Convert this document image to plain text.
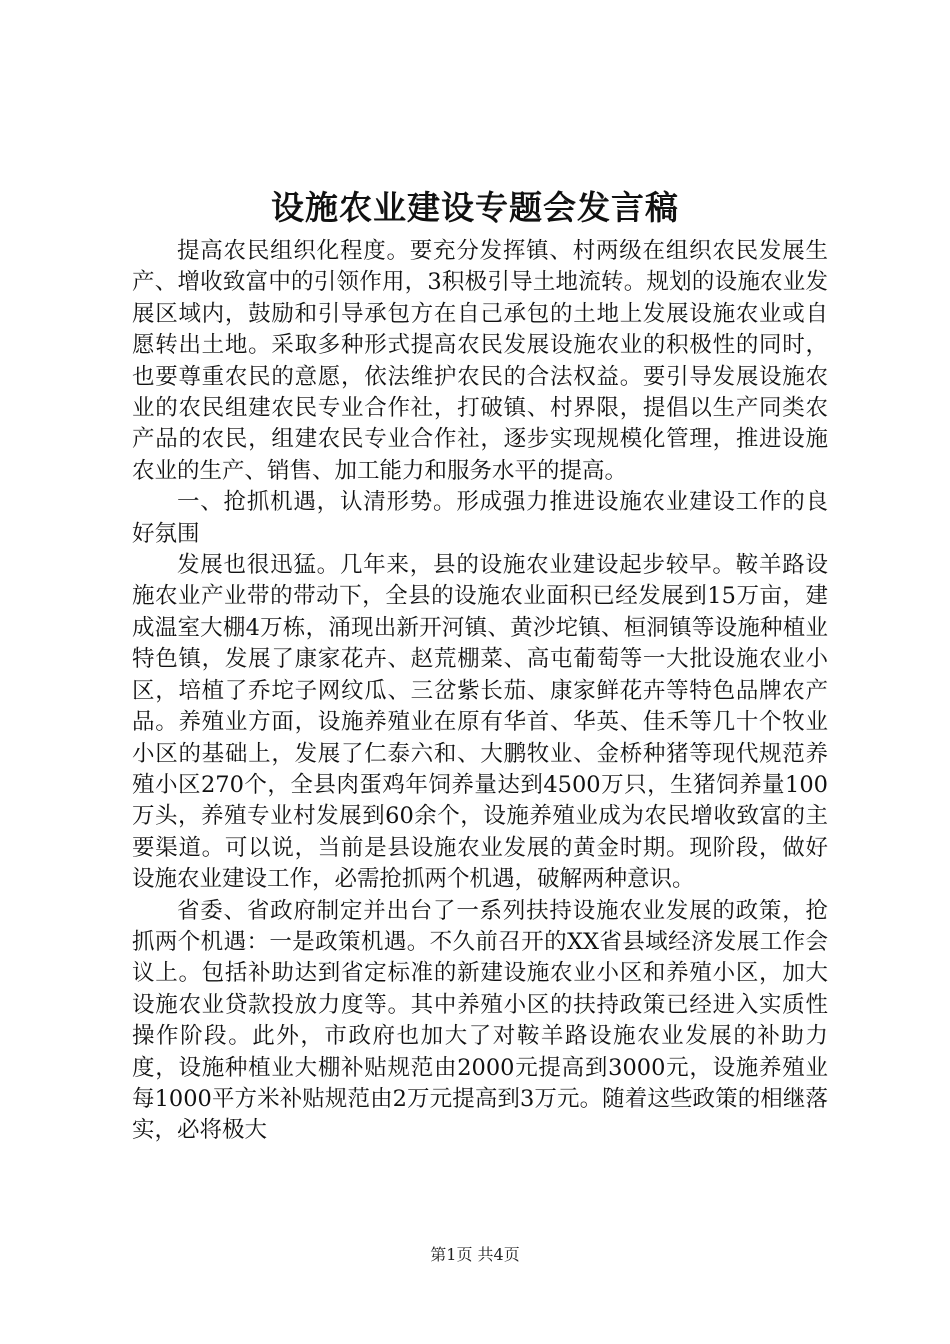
设施农业建设专题会发言稿

提高农民组织化程度。要充分发挥镇、村两级在组织农民发展生产、增收致富中的引领作用，3积极引导土地流转。规划的设施农业发展区域内，鼓励和引导承包方在自己承包的土地上发展设施农业或自愿转出土地。采取多种形式提高农民发展设施农业的积极性的同时，也要尊重农民的意愿，依法维护农民的合法权益。要引导发展设施农业的农民组建农民专业合作社，打破镇、村界限，提倡以生产同类农产品的农民，组建农民专业合作社，逐步实现规模化管理，推进设施农业的生产、销售、加工能力和服务水平的提高。

一、抢抓机遇，认清形势。形成强力推进设施农业建设工作的良好氛围

发展也很迅猛。几年来，县的设施农业建设起步较早。鞍羊路设施农业产业带的带动下，全县的设施农业面积已经发展到15万亩，建成温室大棚4万栋，涌现出新开河镇、黄沙坨镇、桓洞镇等设施种植业特色镇，发展了康家花卉、赵荒棚菜、高屯葡萄等一大批设施农业小区，培植了乔坨子网纹瓜、三岔紫长茄、康家鲜花卉等特色品牌农产品。养殖业方面，设施养殖业在原有华首、华英、佳禾等几十个牧业小区的基础上，发展了仁泰六和、大鹏牧业、金桥种猪等现代规范养殖小区270个，全县肉蛋鸡年饲养量达到4500万只，生猪饲养量100万头，养殖专业村发展到60余个，设施养殖业成为农民增收致富的主要渠道。可以说，当前是县设施农业发展的黄金时期。现阶段，做好设施农业建设工作，必需抢抓两个机遇，破解两种意识。

省委、省政府制定并出台了一系列扶持设施农业发展的政策，抢抓两个机遇：一是政策机遇。不久前召开的XX省县域经济发展工作会议上。包括补助达到省定标准的新建设施农业小区和养殖小区，加大设施农业贷款投放力度等。其中养殖小区的扶持政策已经进入实质性操作阶段。此外，市政府也加大了对鞍羊路设施农业发展的补助力度，设施种植业大棚补贴规范由2000元提高到3000元，设施养殖业每1000平方米补贴规范由2万元提高到3万元。随着这些政策的相继落实，必将极大

第1页 共4页
